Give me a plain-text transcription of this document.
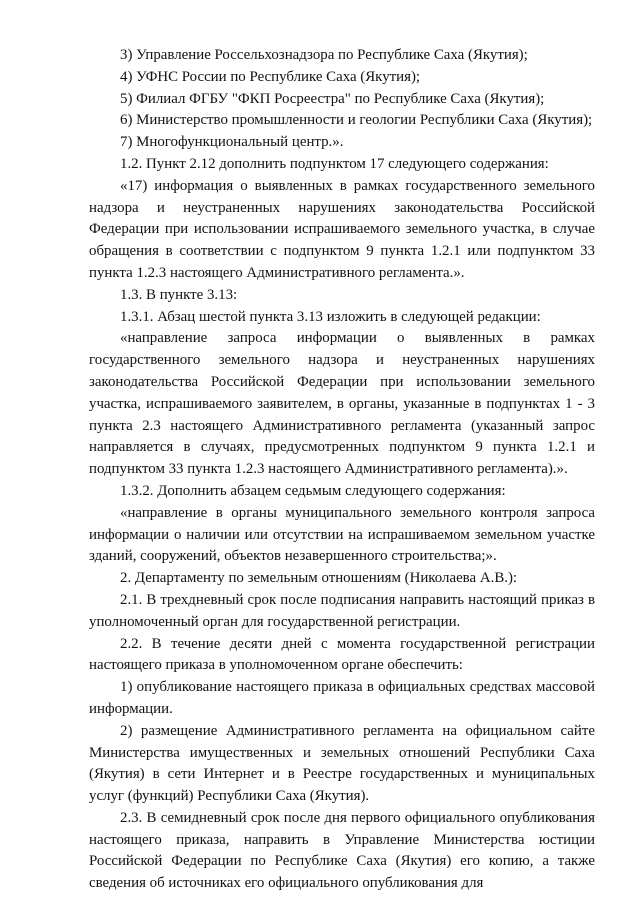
3) Управление Россельхознадзора по Республике Саха (Якутия);

4) УФНС России по Республике Саха (Якутия);

5) Филиал ФГБУ "ФКП Росреестра" по Республике Саха (Якутия);

6) Министерство промышленности и геологии Республики Саха (Якутия);

7) Многофункциональный центр.».

1.2. Пункт 2.12 дополнить подпунктом 17 следующего содержания:

«17) информация о выявленных в рамках государственного земельного надзора и неустраненных нарушениях законодательства Российской Федерации при использовании испрашиваемого земельного участка, в случае обращения в соответствии с подпунктом 9 пункта 1.2.1 или подпунктом 33 пункта 1.2.3 настоящего Административного регламента.».

1.3. В пункте 3.13:

1.3.1. Абзац шестой пункта 3.13 изложить в следующей редакции:

«направление запроса информации о выявленных в рамках государственного земельного надзора и неустраненных нарушениях законодательства Российской Федерации при использовании земельного участка, испрашиваемого заявителем, в органы, указанные в подпунктах 1 - 3 пункта 2.3 настоящего Административного регламента (указанный запрос направляется в случаях, предусмотренных подпунктом 9 пункта 1.2.1 и подпунктом 33 пункта 1.2.3 настоящего Административного регламента).».

1.3.2. Дополнить абзацем седьмым следующего содержания:

«направление в органы муниципального земельного контроля запроса информации о наличии или отсутствии на испрашиваемом земельном участке зданий, сооружений, объектов незавершенного строительства;».

2. Департаменту по земельным отношениям (Николаева А.В.):

2.1. В трехдневный срок после подписания направить настоящий приказ в уполномоченный орган для государственной регистрации.

2.2. В течение десяти дней с момента государственной регистрации настоящего приказа в уполномоченном органе обеспечить:

1) опубликование настоящего приказа в официальных средствах массовой информации.

2) размещение Административного регламента на официальном сайте Министерства имущественных и земельных отношений Республики Саха (Якутия) в сети Интернет и в Реестре государственных и муниципальных услуг (функций) Республики Саха (Якутия).

2.3. В семидневный срок после дня первого официального опубликования настоящего приказа, направить в Управление Министерства юстиции Российской Федерации по Республике Саха (Якутия) его копию, а также сведения об источниках его официального опубликования для
